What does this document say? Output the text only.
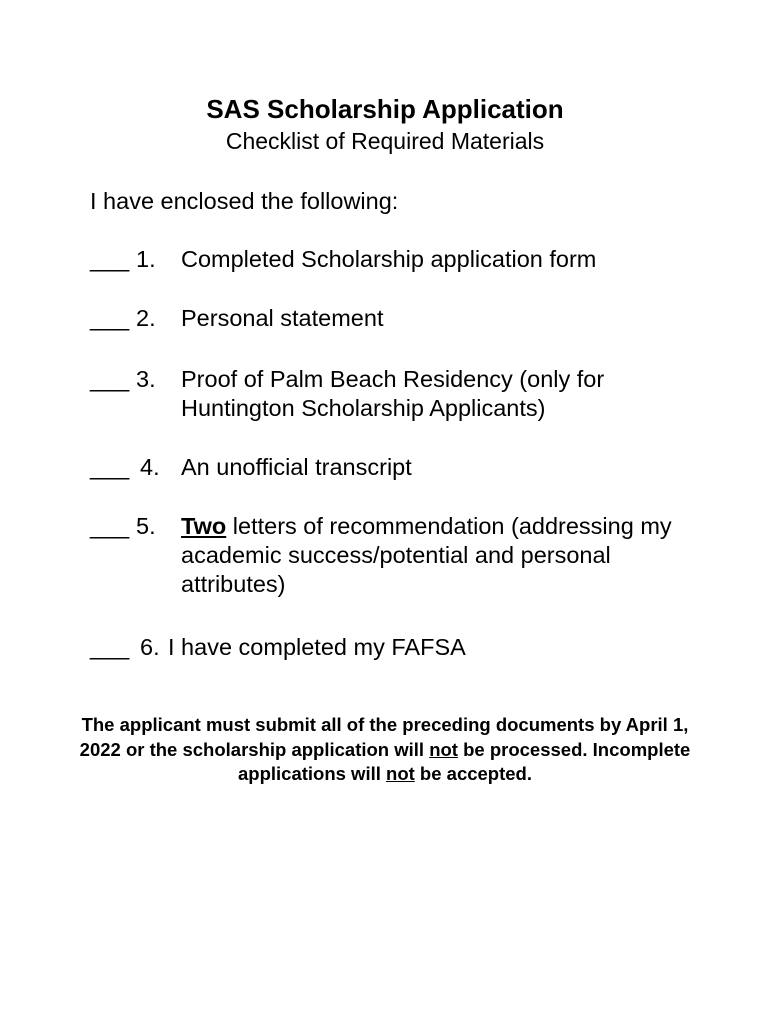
SAS Scholarship Application
Checklist of Required Materials
I have enclosed the following:
___ 1. Completed Scholarship application form
___ 2. Personal statement
___ 3. Proof of Palm Beach Residency (only for Huntington Scholarship Applicants)
___ 4. An unofficial transcript
___ 5. Two letters of recommendation (addressing my academic success/potential and personal attributes)
___ 6. I have completed my FAFSA
The applicant must submit all of the preceding documents by April 1, 2022 or the scholarship application will not be processed. Incomplete applications will not be accepted.
